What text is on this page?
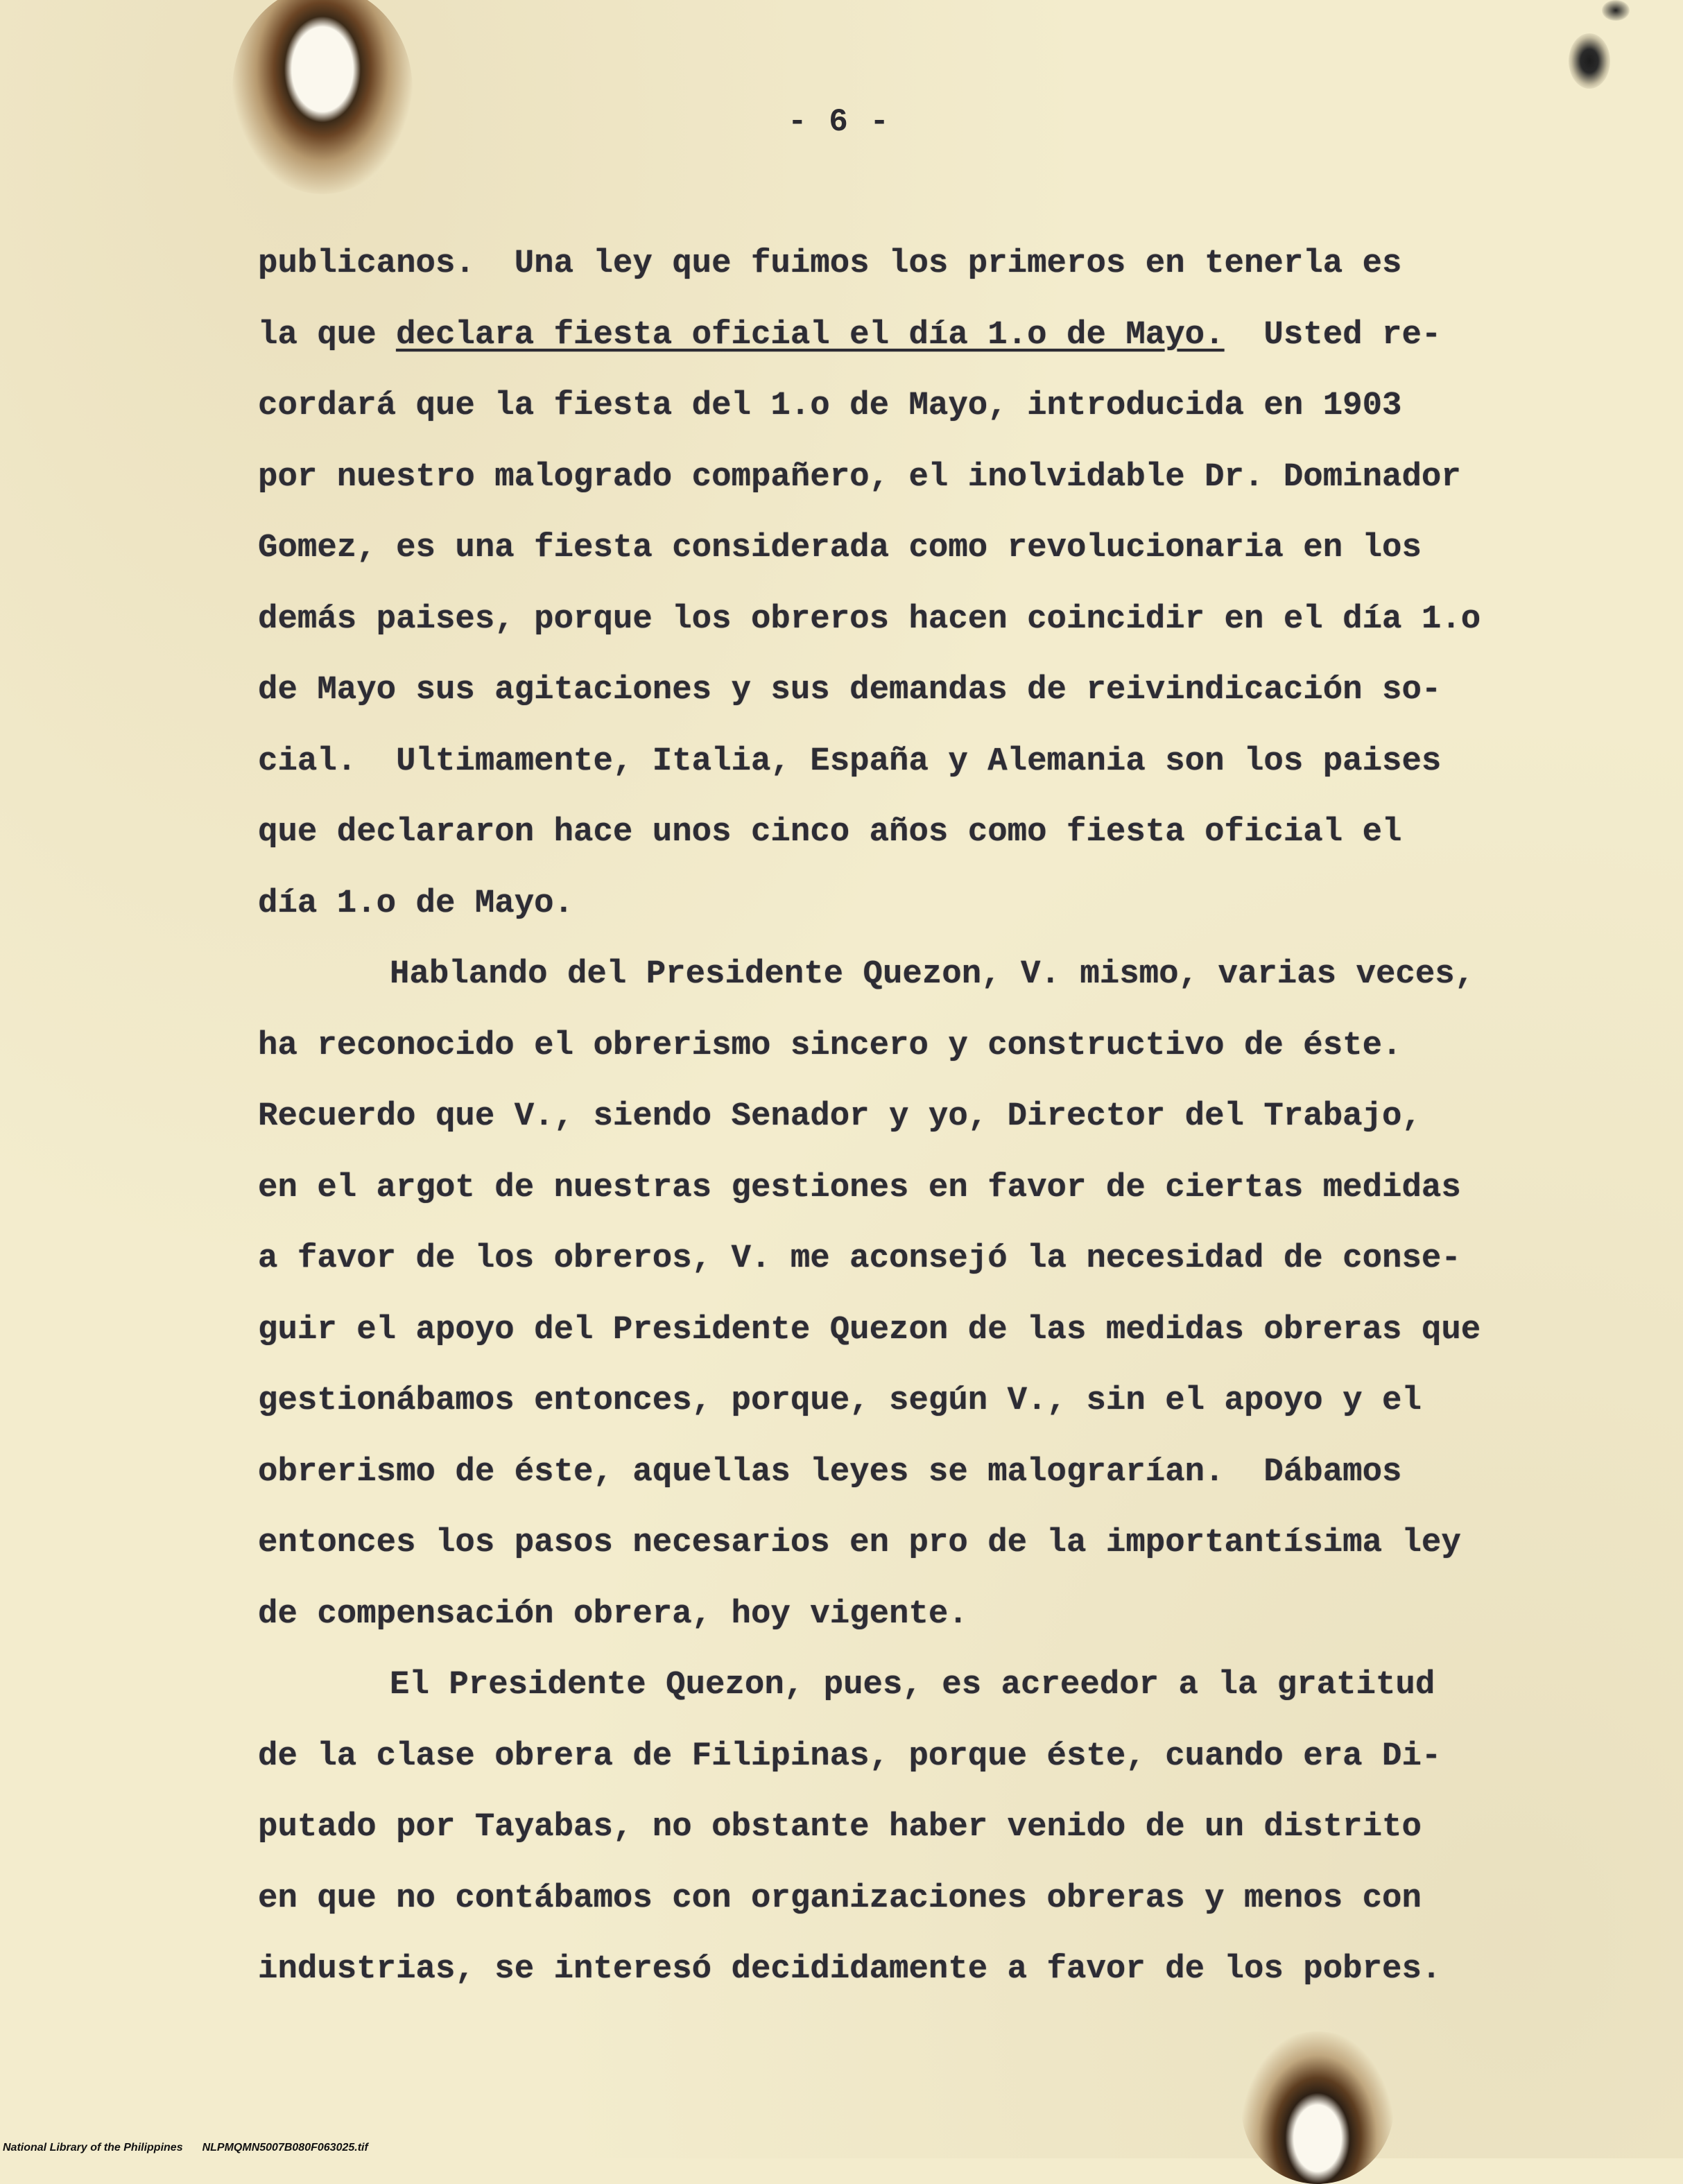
- 6 -
publicanos.  Una ley que fuimos los primeros en tenerla es
la que declara fiesta oficial el día 1.o de Mayo.  Usted re-
cordará que la fiesta del 1.o de Mayo, introducida en 1903
por nuestro malogrado compañero, el inolvidable Dr. Dominador
Gomez, es una fiesta considerada como revolucionaria en los
demás paises, porque los obreros hacen coincidir en el día 1.o
de Mayo sus agitaciones y sus demandas de reivindicación so-
cial.  Ultimamente, Italia, España y Alemania son los paises
que declararon hace unos cinco años como fiesta oficial el
día 1.o de Mayo.
Hablando del Presidente Quezon, V. mismo, varias veces,
ha reconocido el obrerismo sincero y constructivo de éste.
Recuerdo que V., siendo Senador y yo, Director del Trabajo,
en el argot de nuestras gestiones en favor de ciertas medidas
a favor de los obreros, V. me aconsejó la necesidad de conse-
guir el apoyo del Presidente Quezon de las medidas obreras que
gestionábamos entonces, porque, según V., sin el apoyo y el
obrerismo de éste, aquellas leyes se malograrían.  Dábamos
entonces los pasos necesarios en pro de la importantísima ley
de compensación obrera, hoy vigente.
El Presidente Quezon, pues, es acreedor a la gratitud
de la clase obrera de Filipinas, porque éste, cuando era Di-
putado por Tayabas, no obstante haber venido de un distrito
en que no contábamos con organizaciones obreras y menos con
industrias, se interesó decididamente a favor de los pobres.
National Library of the Philippines NLPMQMN5007B080F063025.tif
